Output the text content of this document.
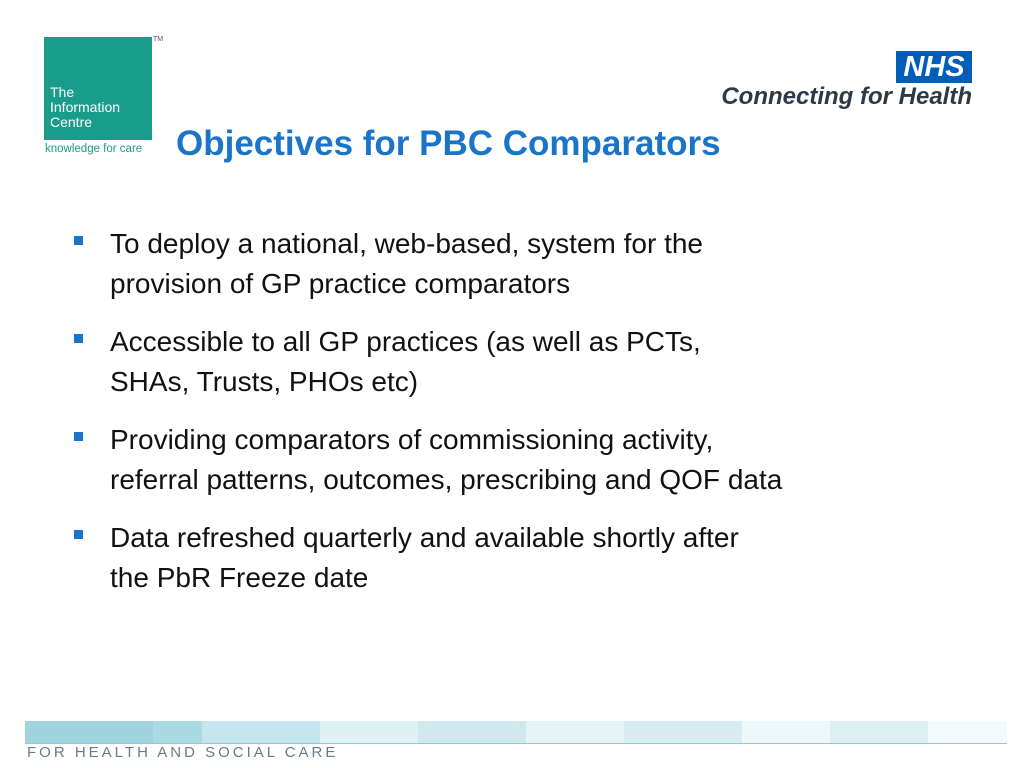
The
Information
Centre
knowledge for care
TM
NHS
Connecting for Health
Objectives for PBC Comparators
To deploy a national, web-based, system for the
provision of GP practice comparators
Accessible to all GP practices (as well as PCTs,
SHAs, Trusts, PHOs etc)
Providing comparators of commissioning activity,
referral patterns, outcomes, prescribing and QOF data
Data refreshed quarterly and available shortly after
the PbR Freeze date
FOR HEALTH AND SOCIAL CARE
